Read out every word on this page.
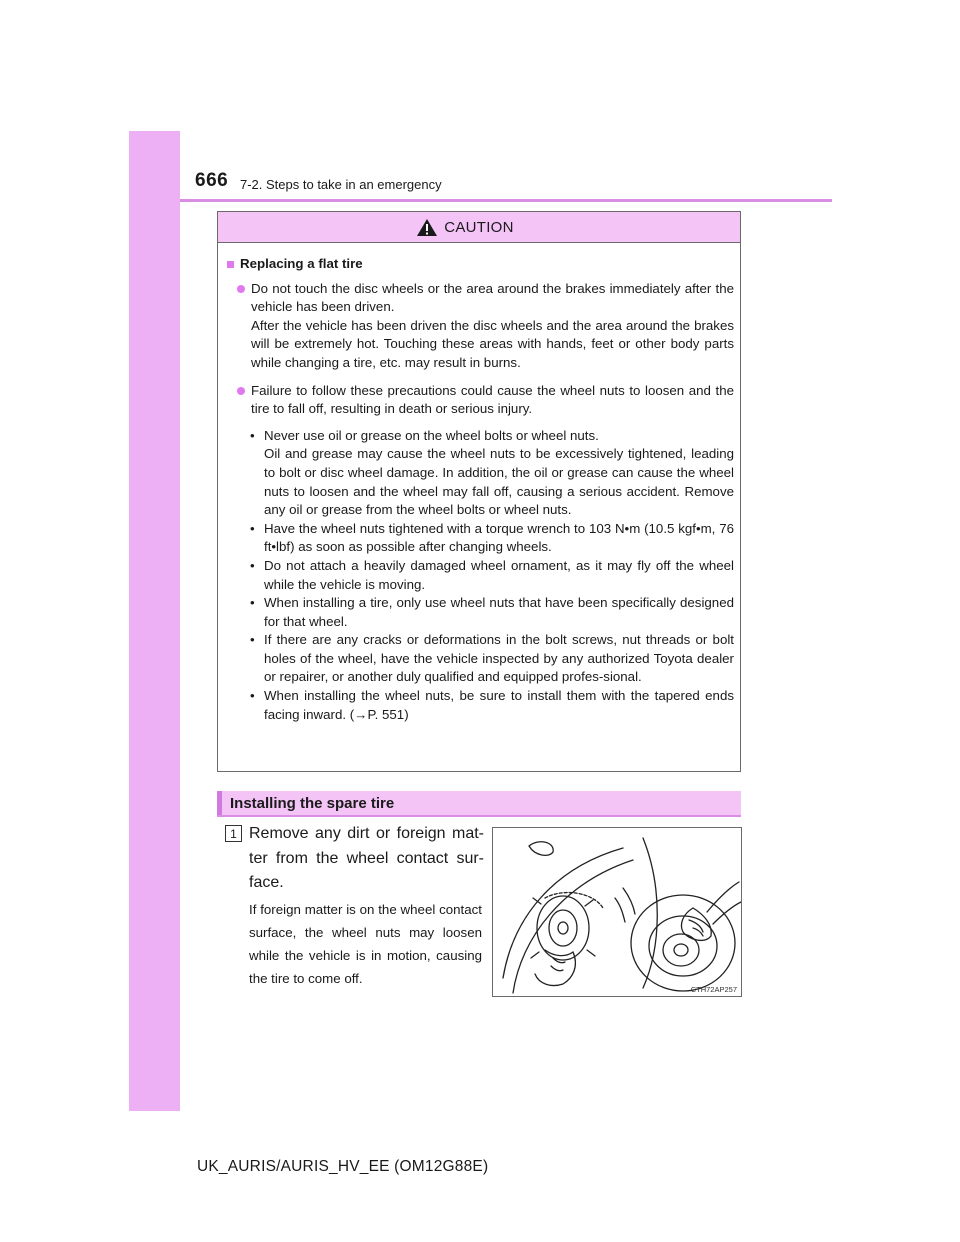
666 7-2. Steps to take in an emergency
CAUTION
Replacing a flat tire

Do not touch the disc wheels or the area around the brakes immediately after the vehicle has been driven.

After the vehicle has been driven the disc wheels and the area around the brakes will be extremely hot. Touching these areas with hands, feet or other body parts while changing a tire, etc. may result in burns.

Failure to follow these precautions could cause the wheel nuts to loosen and the tire to fall off, resulting in death or serious injury.
• Never use oil or grease on the wheel bolts or wheel nuts.

Oil and grease may cause the wheel nuts to be excessively tightened, leading to bolt or disc wheel damage. In addition, the oil or grease can cause the wheel nuts to loosen and the wheel may fall off, causing a serious accident. Remove any oil or grease from the wheel bolts or wheel nuts.

• Have the wheel nuts tightened with a torque wrench to 103 N•m (10.5 kgf•m, 76 ft•lbf) as soon as possible after changing wheels.
• Do not attach a heavily damaged wheel ornament, as it may fly off the wheel while the vehicle is moving.
• When installing a tire, only use wheel nuts that have been specifically designed for that wheel.
• If there are any cracks or deformations in the bolt screws, nut threads or bolt holes of the wheel, have the vehicle inspected by any authorized Toyota dealer or repairer, or another duly qualified and equipped profes-sional.
• When installing the wheel nuts, be sure to install them with the tapered ends facing inward. (→P. 551)
Installing the spare tire
1 Remove any dirt or foreign mat-ter from the wheel contact sur-face.
If foreign matter is on the wheel contact surface, the wheel nuts may loosen while the vehicle is in motion, causing the tire to come off.
CTH72AP257
UK_AURIS/AURIS_HV_EE (OM12G88E)
